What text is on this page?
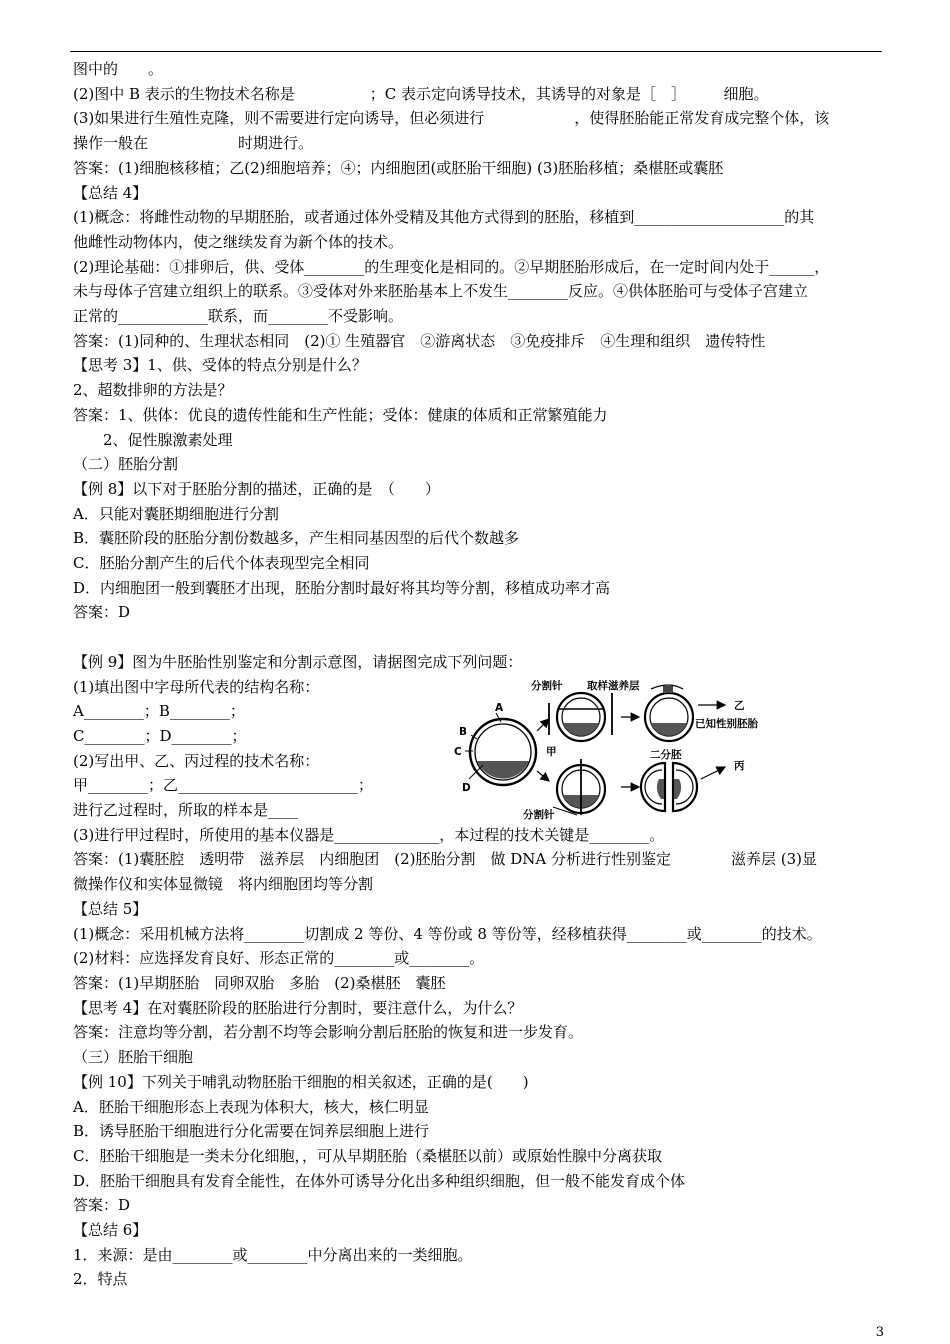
图中的　　。
(2)图中 B 表示的生物技术名称是　　　　　；C 表示定向诱导技术，其诱导的对象是［　］　　　细胞。
(3)如果进行生殖性克隆，则不需要进行定向诱导，但必须进行　　　　　　，使得胚胎能正常发育成完整个体，该
操作一般在　　　　　　时期进行。
答案：(1)细胞核移植；乙(2)细胞培养；④；内细胞团(或胚胎干细胞) (3)胚胎移植；桑椹胚或囊胚
【总结 4】
(1)概念：将雌性动物的早期胚胎，或者通过体外受精及其他方式得到的胚胎，移植到____________________的其
他雌性动物体内，使之继续发育为新个体的技术。
(2)理论基础：①排卵后，供、受体________的生理变化是相同的。②早期胚胎形成后，在一定时间内处于______，
未与母体子宫建立组织上的联系。③受体对外来胚胎基本上不发生________反应。④供体胚胎可与受体子宫建立
正常的____________联系，而________不受影响。
答案：(1)同种的、生理状态相同　(2)① 生殖器官　②游离状态　③免疫排斥　④生理和组织　遗传特性
【思考 3】1、供、受体的特点分别是什么？
2、超数排卵的方法是？
答案：1、供体：优良的遗传性能和生产性能；受体：健康的体质和正常繁殖能力
　　2、促性腺激素处理
（二）胚胎分割
【例 8】以下对于胚胎分割的描述，正确的是　（　　）
A．只能对囊胚期细胞进行分割
B．囊胚阶段的胚胎分割份数越多，产生相同基因型的后代个数越多
C．胚胎分割产生的后代个体表现型完全相同
D．内细胞团一般到囊胚才出现，胚胎分割时最好将其均等分割，移植成功率才高
答案：D
【例 9】图为牛胚胎性别鉴定和分割示意图，请据图完成下列问题：
(1)填出图中字母所代表的结构名称：
A________；B________；
C________；D________；
(2)写出甲、乙、丙过程的技术名称：
甲________；乙________________________；
进行乙过程时，所取的样本是____
(3)进行甲过程时，所使用的基本仪器是______________，本过程的技术关键是________。
答案：(1)囊胚腔　透明带　滋养层　内细胞团　(2)胚胎分割　做 DNA 分析进行性别鉴定　　　　滋养层 (3)显
微操作仪和实体显微镜　将内细胞团均等分割
【总结 5】
(1)概念：采用机械方法将________切割成 2 等份、4 等份或 8 等份等，经移植获得________或________的技术。
(2)材料：应选择发育良好、形态正常的________或________。
答案：(1)早期胚胎　同卵双胎　多胎　(2)桑椹胚　囊胚
【思考 4】在对囊胚阶段的胚胎进行分割时，要注意什么，为什么？
答案：注意均等分割，若分割不均等会影响分割后胚胎的恢复和进一步发育。
（三）胚胎干细胞
【例 10】下列关于哺乳动物胚胎干细胞的相关叙述，正确的是(　　)
A．胚胎干细胞形态上表现为体积大，核大，核仁明显
B．诱导胚胎干细胞进行分化需要在饲养层细胞上进行
C．胚胎干细胞是一类未分化细胞，，可从早期胚胎（桑椹胚以前）或原始性腺中分离获取
D．胚胎干细胞具有发育全能性，在体外可诱导分化出多种组织细胞，但一般不能发育成个体
答案：D
【总结 6】
1．来源：是由________或________中分离出来的一类细胞。
2．特点
A
B
C
D
甲
分割针 取样滋养层
已知性别胚胎
乙
分割针
二分胚
丙
3
